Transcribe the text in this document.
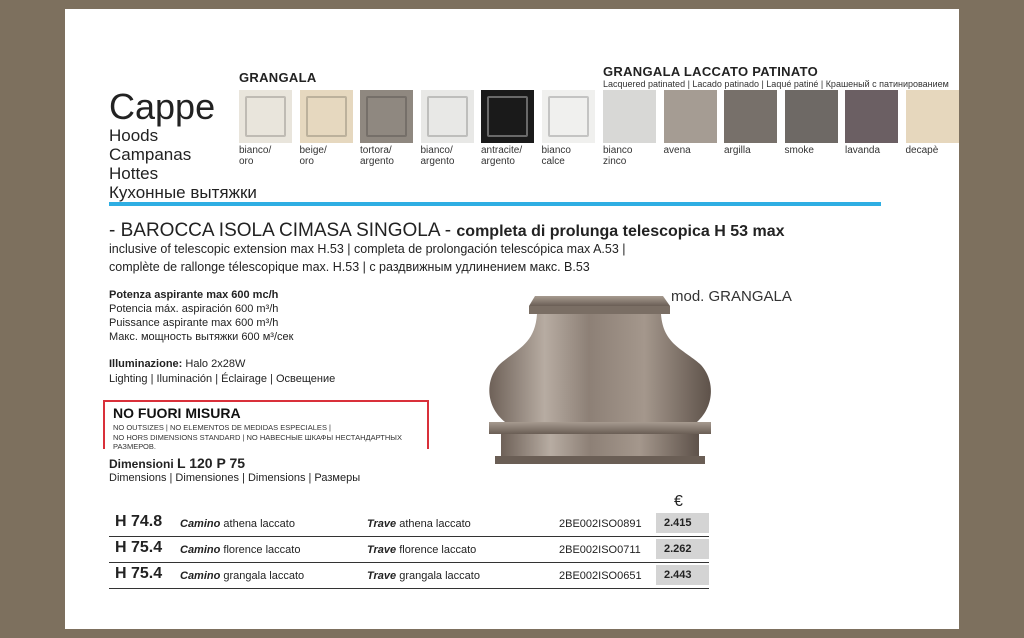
Cappe
Hoods
Campanas
Hottes
Кухонные вытяжки
GRANGALA
bianco/
oro
beige/
oro
tortora/
argento
bianco/
argento
antracite/
argento
bianco
calce
GRANGALA LACCATO PATINATO
Lacquered patinated | Lacado patinado | Laqué patiné | Крашеный с патинированием
bianco
zinco
avena	argilla	smoke	lavanda	decapè
- BAROCCA ISOLA CIMASA SINGOLA - completa di prolunga telescopica H 53 max
inclusive of telescopic extension max H.53 | completa de prolongación telescópica max A.53 |
complète de rallonge télescopique max. H.53 | с раздвижным удлинением макс. В.53
Potenza aspirante max 600 mc/h
Potencia máx. aspiración 600 m³/h
Puissance aspirante max 600 m³/h
Макс. мощность вытяжки 600 м³/сек
Illuminazione: Halo 2x28W
Lighting | Iluminación | Éclairage | Освещение
NO FUORI MISURA
NO OUTSIZES | NO ELEMENTOS DE MEDIDAS ESPECIALES |
NO HORS DIMENSIONS STANDARD | NO НАВЕСНЫЕ ШКАФЫ НЕСТАНДАРТНЫХ РАЗМЕРОВ.
Dimensioni L 120 P 75
Dimensions | Dimensiones | Dimensions | Размеры
mod. GRANGALA
€
H 74.8 Camino athena laccato	Trave athena laccato	2BE002ISO0891	2.415
H 75.4 Camino florence laccato	Trave florence laccato	2BE002ISO0711	2.262
H 75.4 Camino grangala laccato	Trave grangala laccato	2BE002ISO0651	2.443
